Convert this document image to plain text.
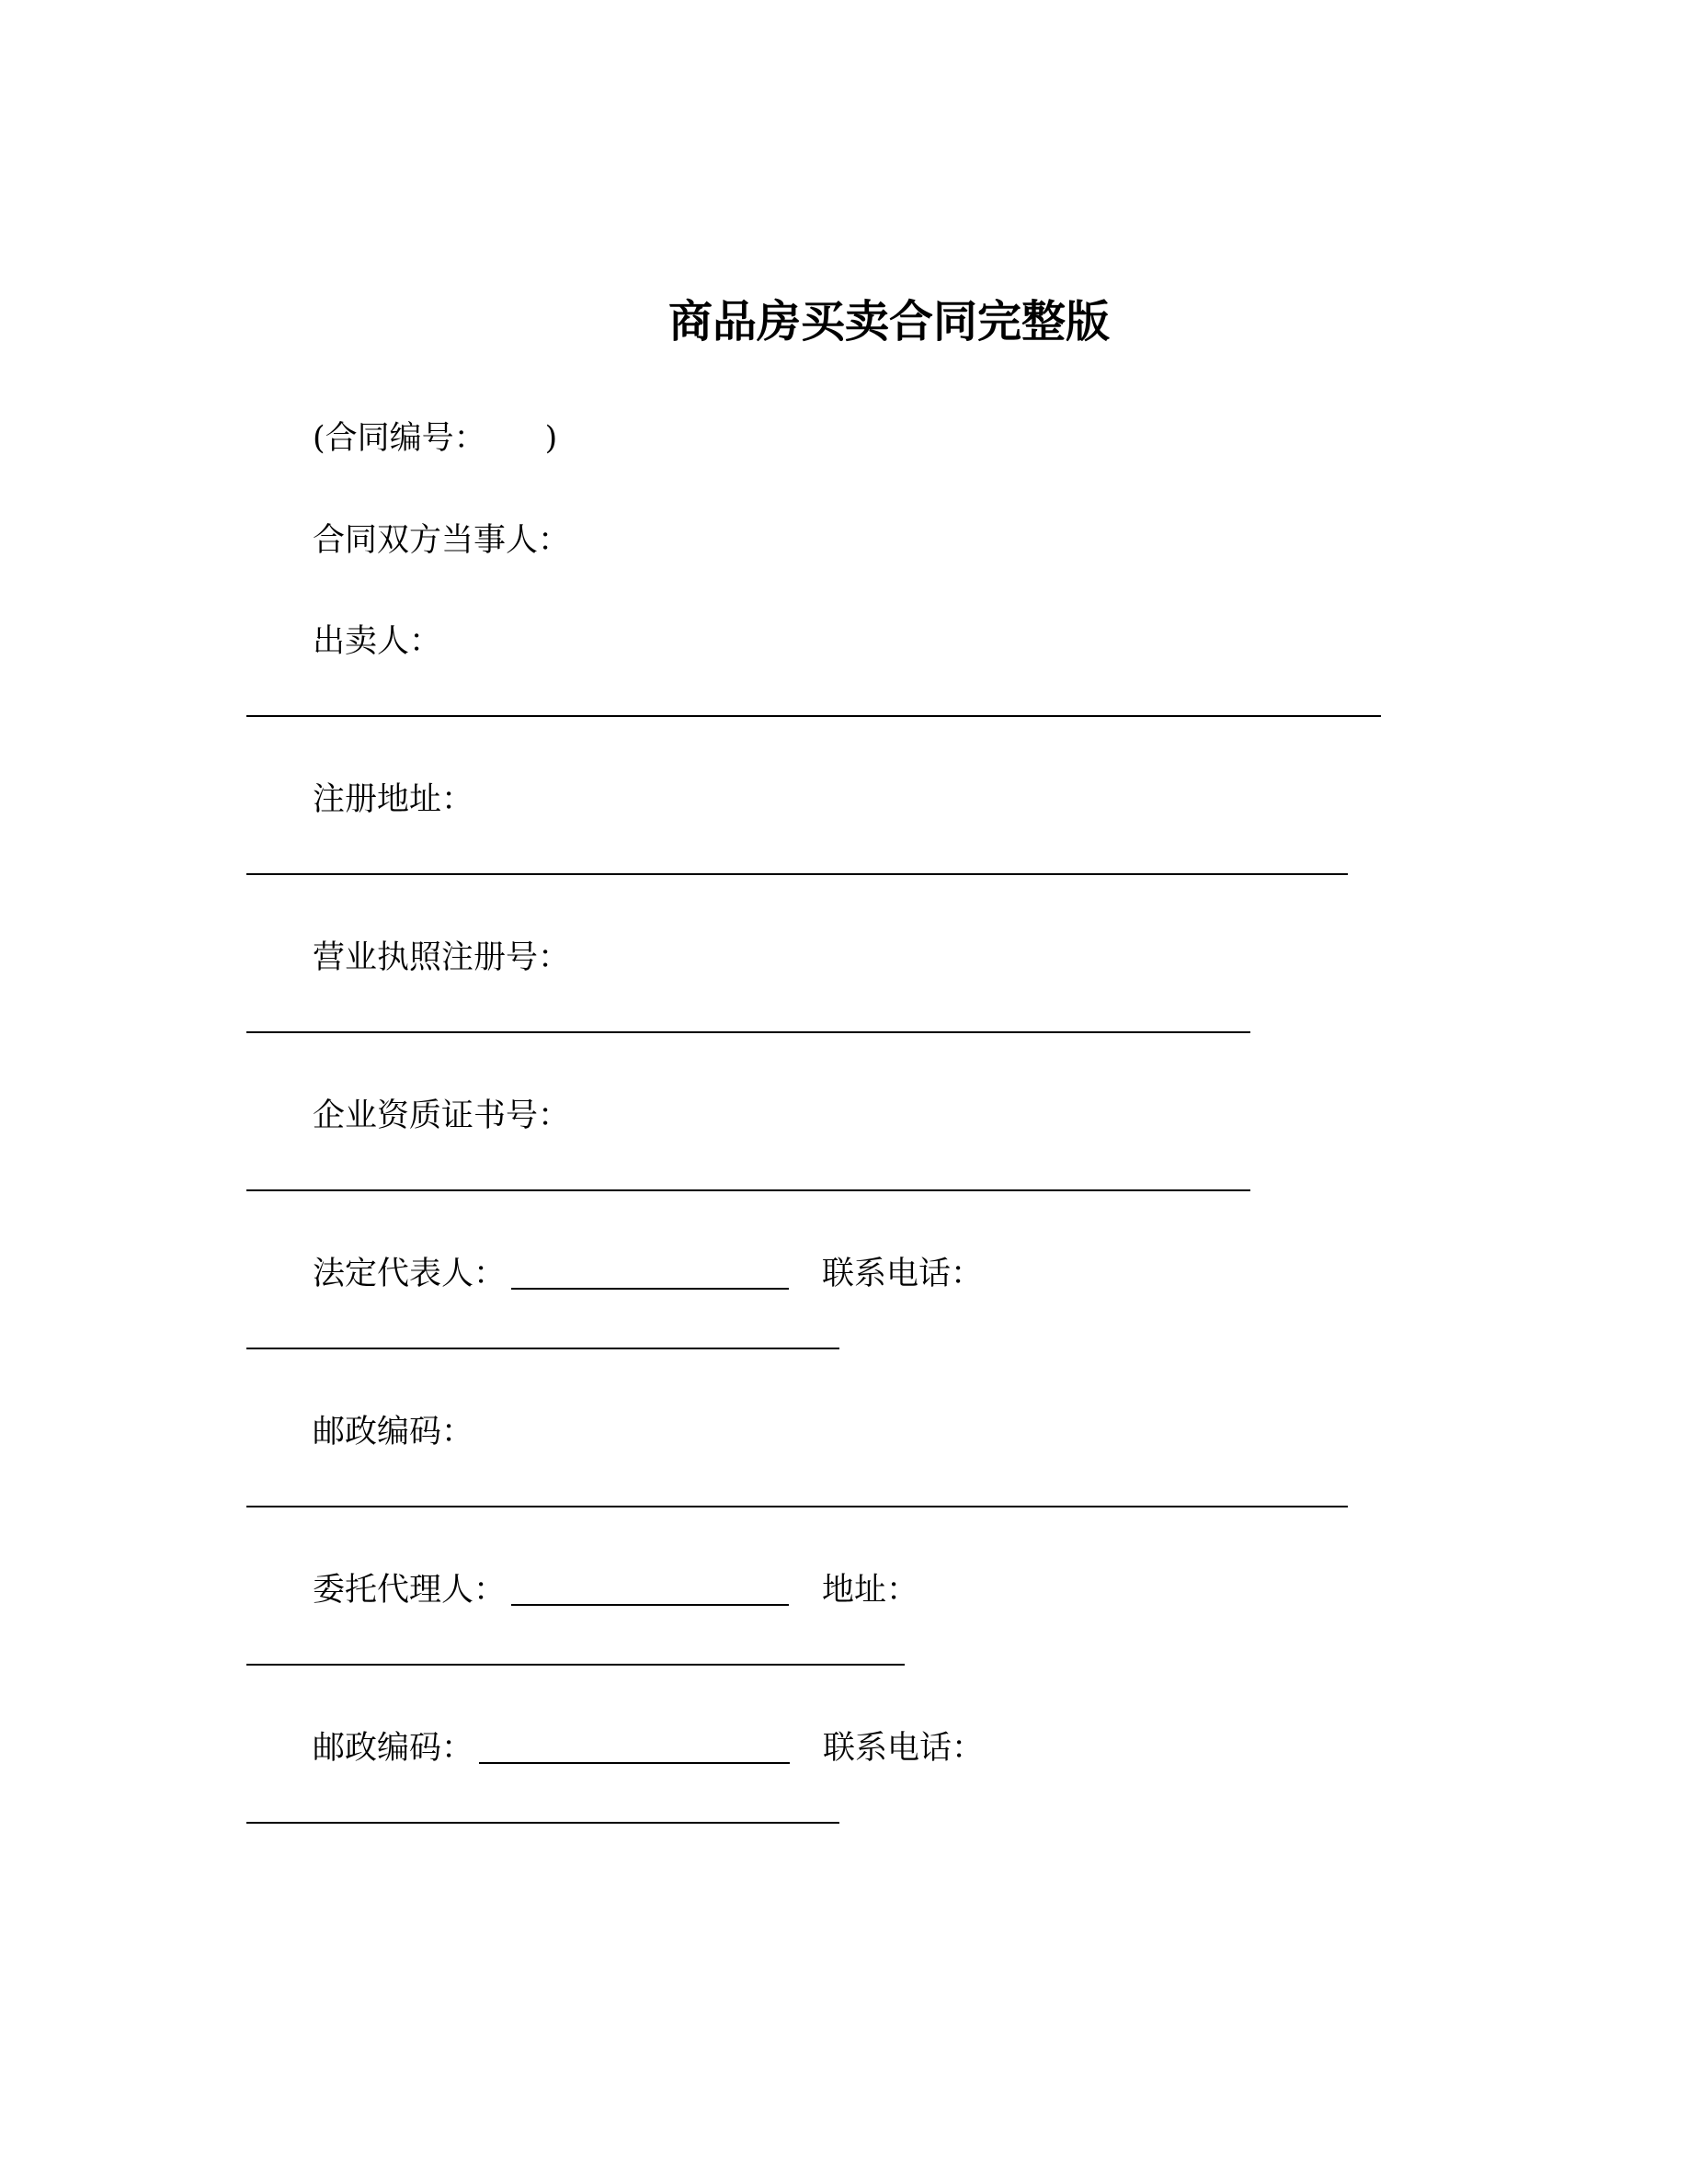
商品房买卖合同完整版

(合同编号： )

合同双方当事人：

出卖人：

注册地址：

营业执照注册号：

企业资质证书号：

法定代表人：	联系电话：

邮政编码：

委托代理人：	地址：

邮政编码：	联系电话：
